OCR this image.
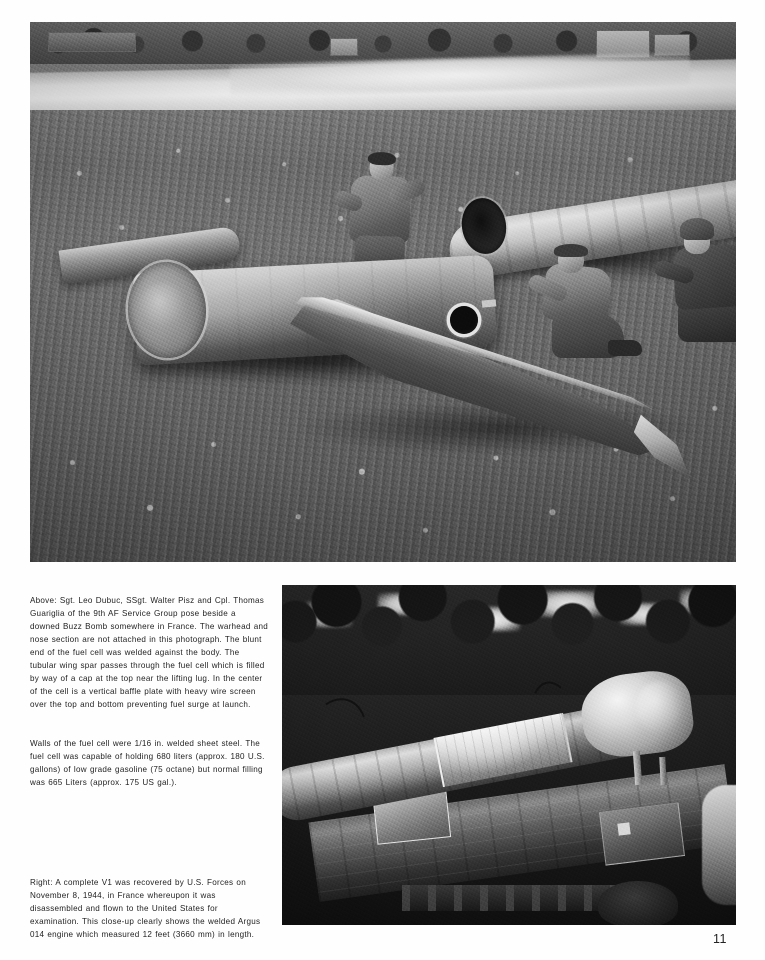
Above: Sgt. Leo Dubuc, SSgt. Walter Pisz and Cpl. Thomas Guariglia of the 9th AF Service Group pose beside a downed Buzz Bomb somewhere in France. The warhead and nose section are not attached in this photograph. The blunt end of the fuel cell was welded against the body. The tubular wing spar passes through the fuel cell which is filled by way of a cap at the top near the lifting lug. In the center of the cell is a vertical baffle plate with heavy wire screen over the top and bottom preventing fuel surge at launch.

Walls of the fuel cell were 1/16 in. welded sheet steel. The fuel cell was capable of holding 680 liters (approx. 180 U.S. gallons) of low grade gasoline (75 octane) but normal filling was 665 Liters (approx. 175 US gal.).

Right: A complete V1 was recovered by U.S. Forces on November 8, 1944, in France whereupon it was disassembled and flown to the United States for examination. This close-up clearly shows the welded Argus 014 engine which measured 12 feet (3660 mm) in length.	11
